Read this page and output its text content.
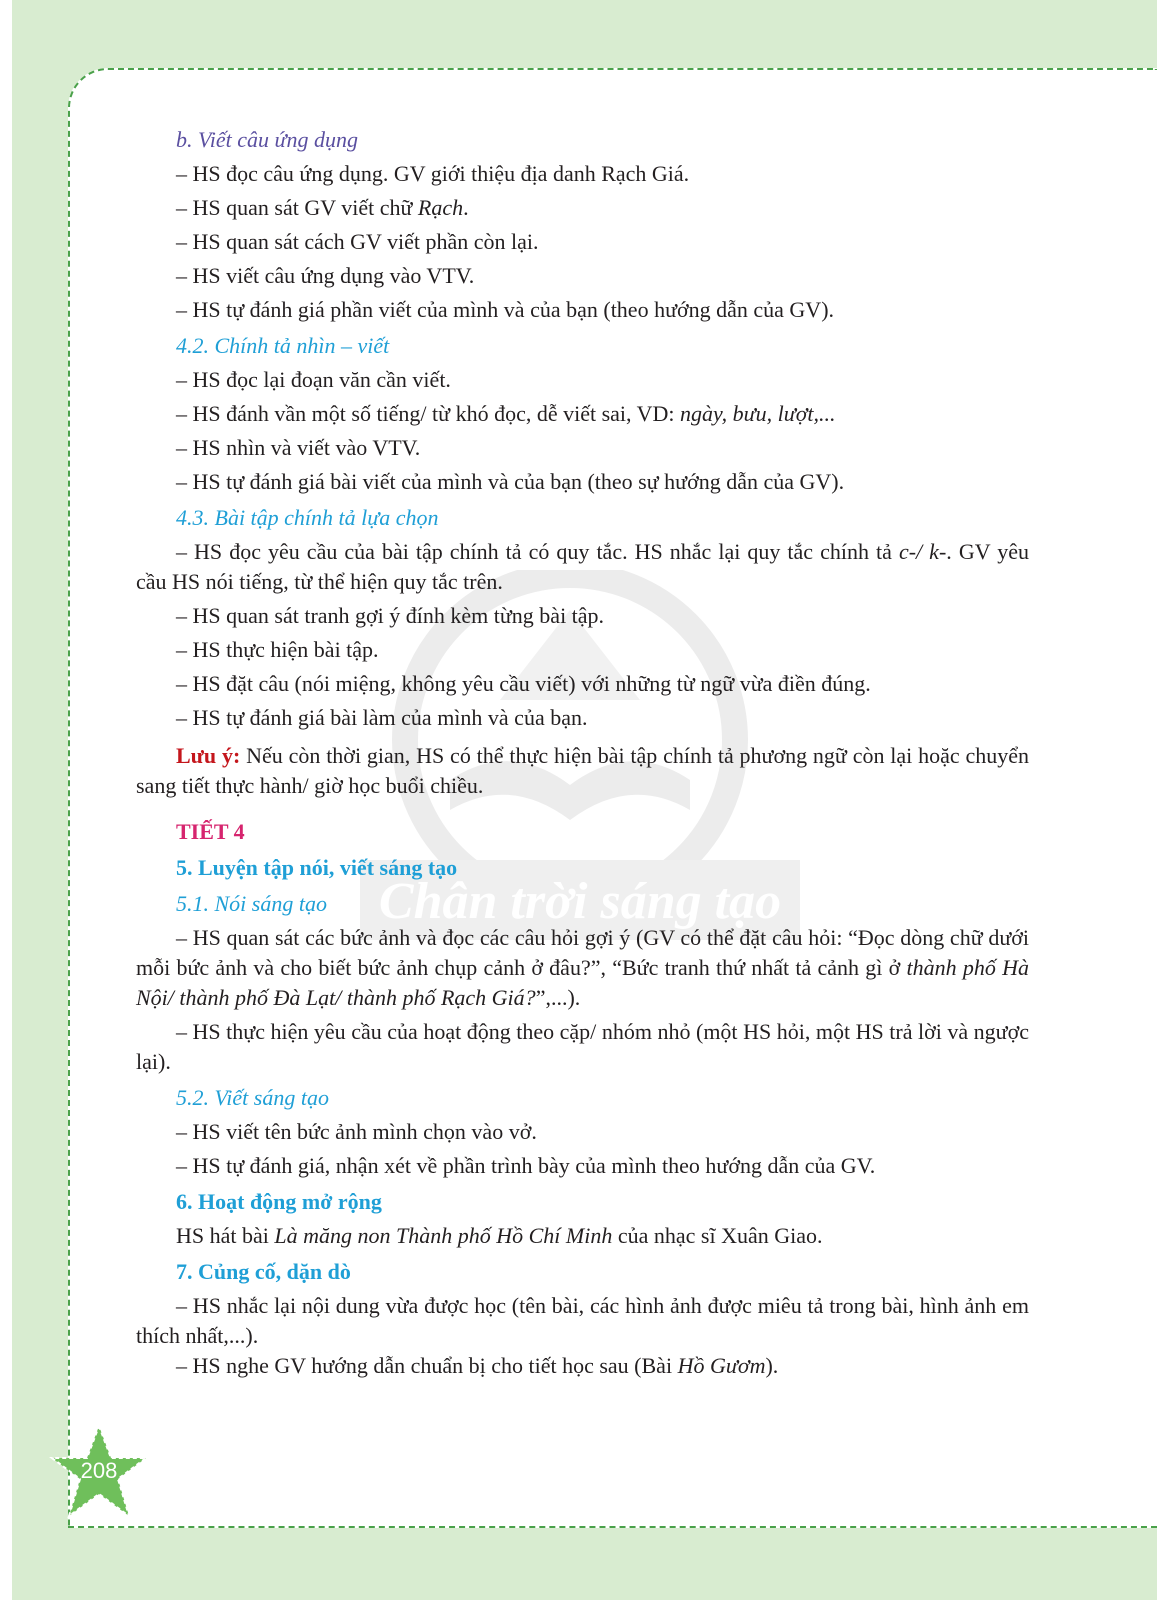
Chân trời sáng tạo
b. Viết câu ứng dụng
– HS đọc câu ứng dụng. GV giới thiệu địa danh Rạch Giá.
– HS quan sát GV viết chữ Rạch.
– HS quan sát cách GV viết phần còn lại.
– HS viết câu ứng dụng vào VTV.
– HS tự đánh giá phần viết của mình và của bạn (theo hướng dẫn của GV).
4.2. Chính tả nhìn – viết
– HS đọc lại đoạn văn cần viết.
– HS đánh vần một số tiếng/ từ khó đọc, dễ viết sai, VD: ngày, bưu, lượt,...
– HS nhìn và viết vào VTV.
– HS tự đánh giá bài viết của mình và của bạn (theo sự hướng dẫn của GV).
4.3. Bài tập chính tả lựa chọn
– HS đọc yêu cầu của bài tập chính tả có quy tắc. HS nhắc lại quy tắc chính tả c-/ k-. GV yêu cầu HS nói tiếng, từ thể hiện quy tắc trên.
– HS quan sát tranh gợi ý đính kèm từng bài tập.
– HS thực hiện bài tập.
– HS đặt câu (nói miệng, không yêu cầu viết) với những từ ngữ vừa điền đúng.
– HS tự đánh giá bài làm của mình và của bạn.
Lưu ý: Nếu còn thời gian, HS có thể thực hiện bài tập chính tả phương ngữ còn lại hoặc chuyển sang tiết thực hành/ giờ học buổi chiều.
TIẾT 4
5. Luyện tập nói, viết sáng tạo
5.1. Nói sáng tạo
– HS quan sát các bức ảnh và đọc các câu hỏi gợi ý (GV có thể đặt câu hỏi: “Đọc dòng chữ dưới mỗi bức ảnh và cho biết bức ảnh chụp cảnh ở đâu?”, “Bức tranh thứ nhất tả cảnh gì ở thành phố Hà Nội/ thành phố Đà Lạt/ thành phố Rạch Giá?”,...).
– HS thực hiện yêu cầu của hoạt động theo cặp/ nhóm nhỏ (một HS hỏi, một HS trả lời và ngược lại).
5.2. Viết sáng tạo
– HS viết tên bức ảnh mình chọn vào vở.
– HS tự đánh giá, nhận xét về phần trình bày của mình theo hướng dẫn của GV.
6. Hoạt động mở rộng
HS hát bài Là măng non Thành phố Hồ Chí Minh của nhạc sĩ Xuân Giao.
7. Củng cố, dặn dò
– HS nhắc lại nội dung vừa được học (tên bài, các hình ảnh được miêu tả trong bài, hình ảnh em thích nhất,...).
– HS nghe GV hướng dẫn chuẩn bị cho tiết học sau (Bài Hồ Gươm).
208
